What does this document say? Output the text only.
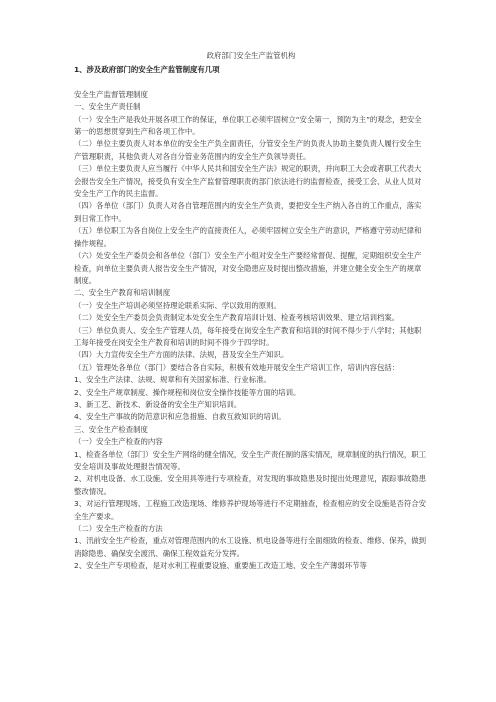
政府部门安全生产监管机构
1、涉及政府部门的安全生产监管制度有几项
安全生产监督管理制度
一、安全生产责任制
（一）安全生产是我处开展各项工作的保证，单位职工必须牢固树立“安全第一，预防为主”的观念，把安全第一的思想贯穿到生产和各项工作中。
（二）单位主要负责人对本单位的安全生产负全面责任，分管安全生产的负责人协助主要负责人履行安全生产管理职责，其他负责人对各自分管业务范围内的安全生产负领导责任。
（三）单位主要负责人应当履行《中华人民共和国安全生产法》规定的职责，并向职工大会或者职工代表大会报告安全生产情况，接受负有安全生产监督管理职责的部门依法进行的监督检查，接受工会、从业人员对安全生产工作的民主监督。
（四）各单位（部门）负责人对各自管理范围内的安全生产负责，要把安全生产纳入各自的工作重点，落实到日常工作中。
（五）单位职工为各自岗位上安全生产的直接责任人，必须牢固树立安全生产的意识，严格遵守劳动纪律和操作规程。
（六）处安全生产委员会和各单位（部门）安全生产小组对安全生产要经常督促、提醒，定期组织安全生产检查，向单位主要负责人报告安全生产情况，对安全隐患应及时提出整改措施，并建立健全安全生产的规章制度。
二、安全生产教育和培训制度
（一）安全生产培训必须坚持理论联系实际、学以致用的原则。
（二）处安全生产委员会负责制定本处安全生产教育培训计划、检查考核培训效果、建立培训档案。
（三）单位负责人、安全生产管理人员，每年接受在岗安全生产教育和培训的时间不得少于八学时；其他职工每年接受在岗安全生产教育和培训的时间不得少于四学时。
（四）大力宣传安全生产方面的法律、法规，普及安全生产知识。
（五）管理处各单位（部门）要结合各自实际，积极有效地开展安全生产培训工作，培训内容包括：
1、安全生产法律、法规、规章和有关国家标准、行业标准。
2、安全生产规章制度、操作规程和岗位安全操作技能等方面的培训。
3、新工艺、新技术、新设备的安全生产知识培训。
4、安全生产事故的防范意识和应急措施、自救互救知识的培训。
三、安全生产检查制度
（一）安全生产检查的内容
1、检查各单位（部门）安全生产网络的健全情况，安全生产责任制的落实情况，规章制度的执行情况，职工安全培训及事故处理报告情况等。
2、对机电设备、水工设施、安全用具等进行专项检查，对发现的事故隐患及时提出处理意见，跟踪事故隐患整改情况。
3、对运行管理现场、工程施工改造现场、维修养护现场等进行不定期抽查，检查相应的安全设施是否符合安全生产要求。
（二）安全生产检查的方法
1、汛前安全生产检查，重点对管理范围内的水工设施、机电设备等进行全面细致的检查、维修、保养，做到消除隐患、确保安全渡汛、确保工程效益充分发挥。
2、安全生产专项检查，是对水利工程重要设施、重要施工改造工地、安全生产薄弱环节等
